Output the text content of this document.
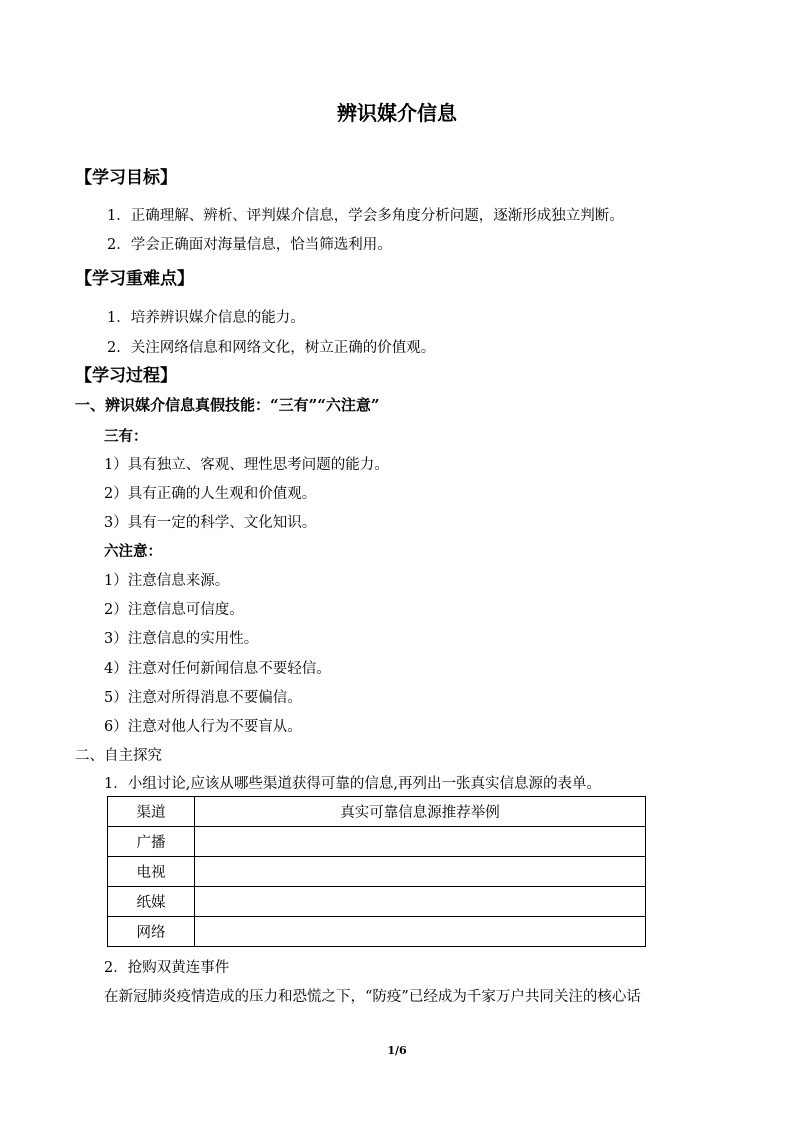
辨识媒介信息
【学习目标】
1．正确理解、辨析、评判媒介信息，学会多角度分析问题，逐渐形成独立判断。
2．学会正确面对海量信息，恰当筛选利用。
【学习重难点】
1．培养辨识媒介信息的能力。
2．关注网络信息和网络文化，树立正确的价值观。
【学习过程】
一、辨识媒介信息真假技能：“三有”“六注意”
三有：
1）具有独立、客观、理性思考问题的能力。
2）具有正确的人生观和价值观。
3）具有一定的科学、文化知识。
六注意：
1）注意信息来源。
2）注意信息可信度。
3）注意信息的实用性。
4）注意对任何新闻信息不要轻信。
5）注意对所得消息不要偏信。
6）注意对他人行为不要盲从。
二、自主探究
1．小组讨论,应该从哪些渠道获得可靠的信息,再列出一张真实信息源的表单。
渠道	真实可靠信息源推荐举例
广播	
电视	
纸媒	
网络	
2．抢购双黄连事件
在新冠肺炎疫情造成的压力和恐慌之下，“防疫”已经成为千家万户共同关注的核心话
1/6
